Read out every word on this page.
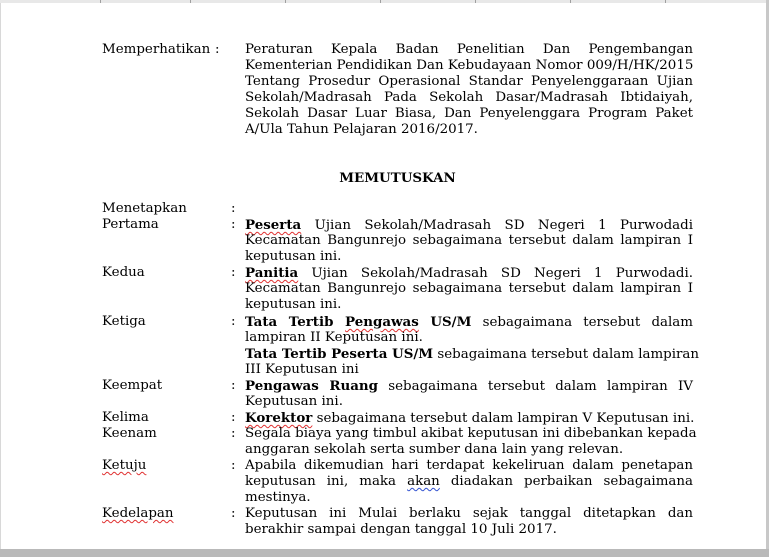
Memperhatikan : Peraturan Kepala Badan Penelitian Dan Pengembangan
Kementerian Pendidikan Dan Kebudayaan Nomor 009/H/HK/2015
Tentang Prosedur Operasional Standar Penyelenggaraan Ujian
Sekolah/Madrasah Pada Sekolah Dasar/Madrasah Ibtidaiyah,
Sekolah Dasar Luar Biasa, Dan Penyelenggara Program Paket
A/Ula Tahun Pelajaran 2016/2017.
MEMUTUSKAN
Menetapkan	:
Pertama	: Peserta Ujian Sekolah/Madrasah SD Negeri 1 Purwodadi
Kecamatan Bangunrejo sebagaimana tersebut dalam lampiran I
keputusan ini.
Kedua	: Panitia Ujian Sekolah/Madrasah SD Negeri 1 Purwodadi.
Kecamatan Bangunrejo sebagaimana tersebut dalam lampiran I
keputusan ini.
Ketiga	: Tata Tertib Pengawas US/M sebagaimana tersebut dalam
lampiran II Keputusan ini.
Tata Tertib Peserta US/M sebagaimana tersebut dalam lampiran
III Keputusan ini
Keempat	: Pengawas Ruang sebagaimana tersebut dalam lampiran IV
Keputusan ini.
Kelima	: Korektor sebagaimana tersebut dalam lampiran V Keputusan ini.
Keenam	: Segala biaya yang timbul akibat keputusan ini dibebankan kepada
anggaran sekolah serta sumber dana lain yang relevan.
Ketuju	: Apabila dikemudian hari terdapat kekeliruan dalam penetapan
keputusan ini, maka akan diadakan perbaikan sebagaimana
mestinya.
Kedelapan	: Keputusan ini Mulai berlaku sejak tanggal ditetapkan dan
berakhir sampai dengan tanggal 10 Juli 2017.
